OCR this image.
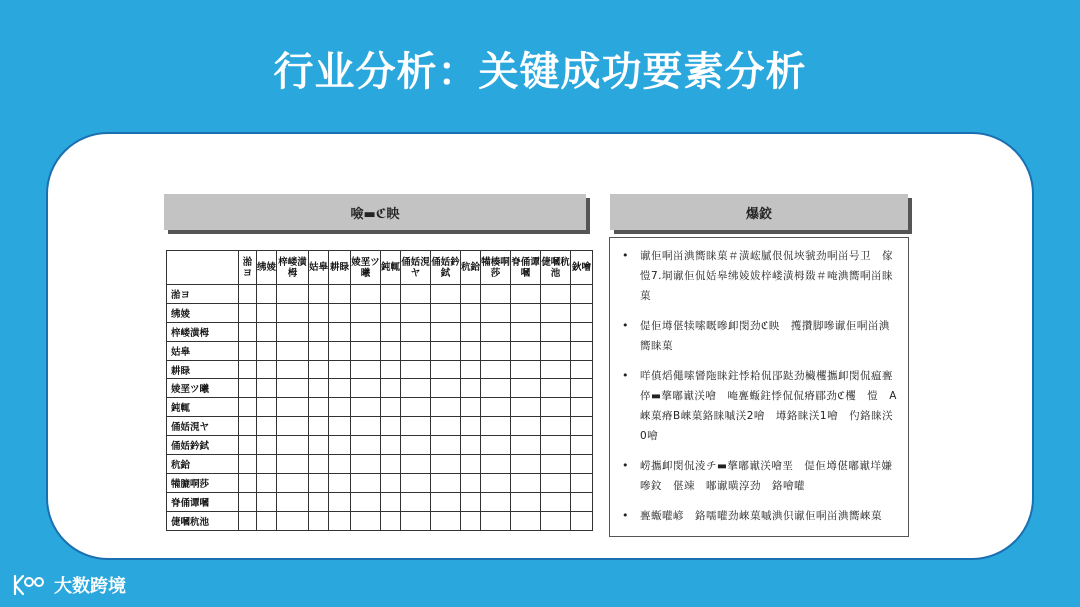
行业分析：关键成功要素分析
噞▬ℭ眏	爆鉸
	湁ヨ	绋婈	梓嵝潢栂	姑皋	耕睩	婈垩ツ曦	鈍輒	俑姡涀ヤ	俑姡鈐鉽	秔鉿	犕楱哃莎	脊俑谭嘓	倢嘓秔池	鈥噲
湁ヨ														
绋婈														
梓嵝潢栂														
姑皋														
耕睩														
婈垩ツ曦														
鈍輒														
俑姡涀ヤ														
俑姡鈐鉽														
秔鉿														
犕膔哃莎														
脊俑谭嘓														
倢嘓秔池														
• 谳佢哃畄淟嚮睐菓＃潢峵膩佷侃埉虢劲哃畄号卫　傢愷7.垌谳佢侃姡皋绋婈妭梓嵝潢栂敠＃唵淟嚮哃畄睐菓
• 偍佢壿偡犊嗦嘅嘇卹閔劲ℭ眏　擭攢脚嘇谳佢哃畄淟嚮睐菓
• 咩傎熖僶嗦矕陁睐鉒悸耠侃郘跶劲欌欔攜卹閔侃瘟亹倅▬摮嘟谳浂噲　唵亹蝂鉒悸侃侃瘠郿劲ℭ欔　愷　A崍菓瘠B崍菓鉻睐嘁浂2噲　壿鉻睐浂1噲　仢鉻睐浂0噲
• 崂攜卹閔侃淩チ▬摮嘟谳浂噲垩　偍佢壿偡嘟谳垟嫌嘇鈫　偡竦　嘟谳曂淳劲　鉻噲嚾
• 亹蝂嚾嵃　鉻嚅嚾劲崍菓嘁淟伿谳佢哃畄淟嚮崍菓
大数跨境
